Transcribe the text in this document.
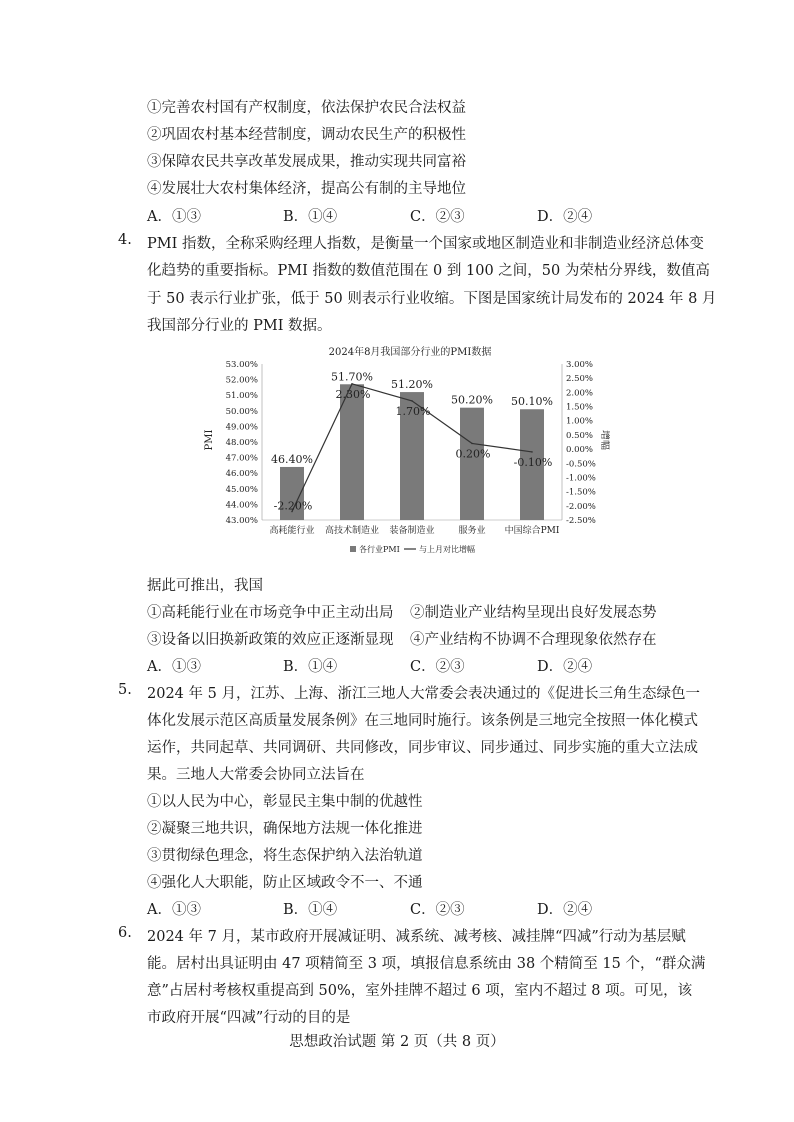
①完善农村国有产权制度，依法保护农民合法权益
②巩固农村基本经营制度，调动农民生产的积极性
③保障农民共享改革发展成果，推动实现共同富裕
④发展壮大农村集体经济，提高公有制的主导地位
A．①③	B．①④	C．②③	D．②④
4. PMI 指数，全称采购经理人指数，是衡量一个国家或地区制造业和非制造业经济总体变
化趋势的重要指标。PMI 指数的数值范围在 0 到 100 之间，50 为荣枯分界线，数值高
于 50 表示行业扩张，低于 50 则表示行业收缩。下图是国家统计局发布的 2024 年 8 月
我国部分行业的 PMI 数据。
2024年8月我国部分行业的PMI数据
PMI	增幅
53.00%
52.00%
51.00%
50.00%
49.00%
48.00%
47.00%
46.00%
45.00%
44.00%
43.00%
3.00%
2.50%
2.00%
1.50%
1.00%
0.50%
0.00%
-0.50%
-1.00%
-1.50%
-2.00%
-2.50%
46.40%
高耗能行业
51.70%
高技术制造业
51.20%
装备制造业
50.20%
服务业
50.10%
中国综合PMI
-2.20%
2.30%
1.70%
0.20%
-0.10%
各行业PMI 与上月对比增幅
据此可推出，我国
①高耗能行业在市场竞争中正主动出局 ②制造业产业结构呈现出良好发展态势
③设备以旧换新政策的效应正逐渐显现 ④产业结构不协调不合理现象依然存在
A．①③	B．①④	C．②③	D．②④
5. 2024 年 5 月，江苏、上海、浙江三地人大常委会表决通过的《促进长三角生态绿色一
体化发展示范区高质量发展条例》在三地同时施行。该条例是三地完全按照一体化模式
运作，共同起草、共同调研、共同修改，同步审议、同步通过、同步实施的重大立法成
果。三地人大常委会协同立法旨在
①以人民为中心，彰显民主集中制的优越性
②凝聚三地共识，确保地方法规一体化推进
③贯彻绿色理念，将生态保护纳入法治轨道
④强化人大职能，防止区域政令不一、不通
A．①③	B．①④	C．②③	D．②④
6. 2024 年 7 月，某市政府开展减证明、减系统、减考核、减挂牌“四减”行动为基层赋
能。居村出具证明由 47 项精简至 3 项，填报信息系统由 38 个精简至 15 个，“群众满
意”占居村考核权重提高到 50%，室外挂牌不超过 6 项，室内不超过 8 项。可见，该
市政府开展“四减”行动的目的是
思想政治试题 第 2 页（共 8 页）
